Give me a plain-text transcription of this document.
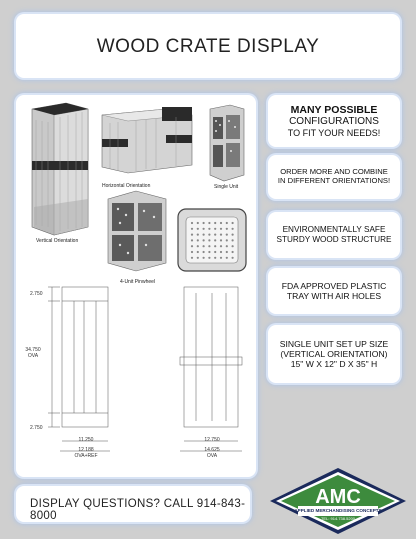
WOOD CRATE DISPLAY
Vertical Orientation
Horizontal Orientation	Single Unit
4-Unit Pinwheel
2.750
34.750
OVA
2.750
11.250
12.188
OVA+REF
12.750
14.625
OVA
MANY POSSIBLE
CONFIGURATIONS
TO FIT YOUR NEEDS!
ORDER MORE AND COMBINE
IN DIFFERENT ORIENTATIONS!
ENVIRONMENTALLY SAFE
STURDY WOOD STRUCTURE
FDA APPROVED PLASTIC
TRAY WITH AIR HOLES
SINGLE UNIT SET UP SIZE
(VERTICAL ORIENTATION)
15" W X 12" D X 35" H
DISPLAY QUESTIONS? CALL 914-843-8000
AMC
APPLIED MERCHANDISING CONCEPTS
TEL: 914.738.5200
